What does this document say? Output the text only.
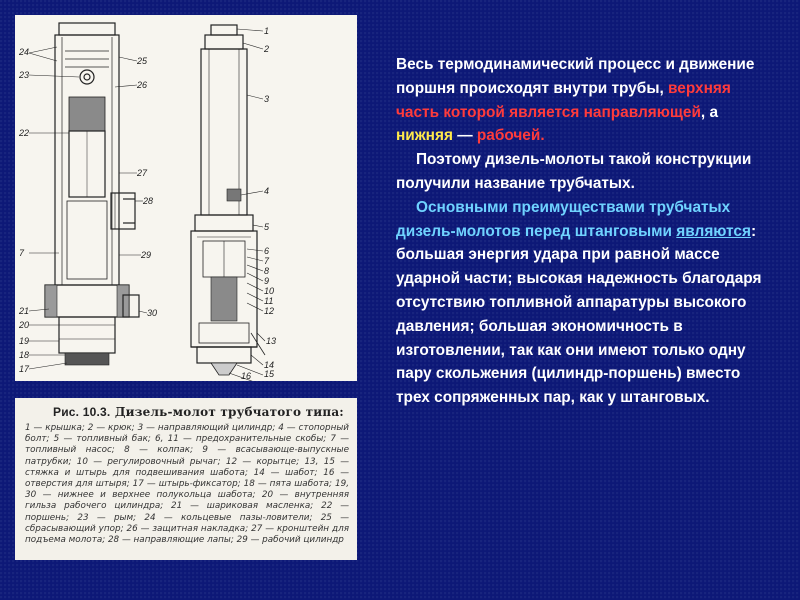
24
23
22
7
21
20
19
18
17
25
26
27
28
29
30
1
2
3
4
5
6
7
8
9
10
11
12
13
14
15
16
Рис. 10.3. Дизель-молот трубчатого типа:
1 — крышка; 2 — крюк; 3 — направляющий цилиндр; 4 — стопорный болт; 5 — топливный бак; 6, 11 — предохранительные скобы; 7 — топливный насос; 8 — колпак; 9 — всасывающе-выпускные патрубки; 10 — регулировочный рычаг; 12 — корытце; 13, 15 — стяжка и штырь для подвешивания шабота; 14 — шабот; 16 — отверстия для штыря; 17 — штырь-фиксатор; 18 — пята шабота; 19, 30 — нижнее и верхнее полукольца шабота; 20 — внутренняя гильза рабочего цилиндра; 21 — шариковая масленка; 22 — поршень; 23 — рым; 24 — кольцевые пазы-ловители; 25 — сбрасывающий упор; 26 — защитная накладка; 27 — кронштейн для подъема молота; 28 — направляющие лапы; 29 — рабочий цилиндр

Весь термодинамический процесс и движение поршня происходят внутри трубы, верхняя часть которой является направляющей, а нижняя — рабочей.

Поэтому дизель-молоты такой конструкции получили название трубчатых.

Основными преимуществами трубчатых дизель-молотов перед штанговыми являются: большая энергия удара при равной массе ударной части; высокая надежность благодаря отсутствию топливной аппаратуры высокого давления; большая экономичность в изготовлении, так как они имеют только одну пару скольжения (цилиндр-поршень) вместо трех сопряженных пар, как у штанговых.
